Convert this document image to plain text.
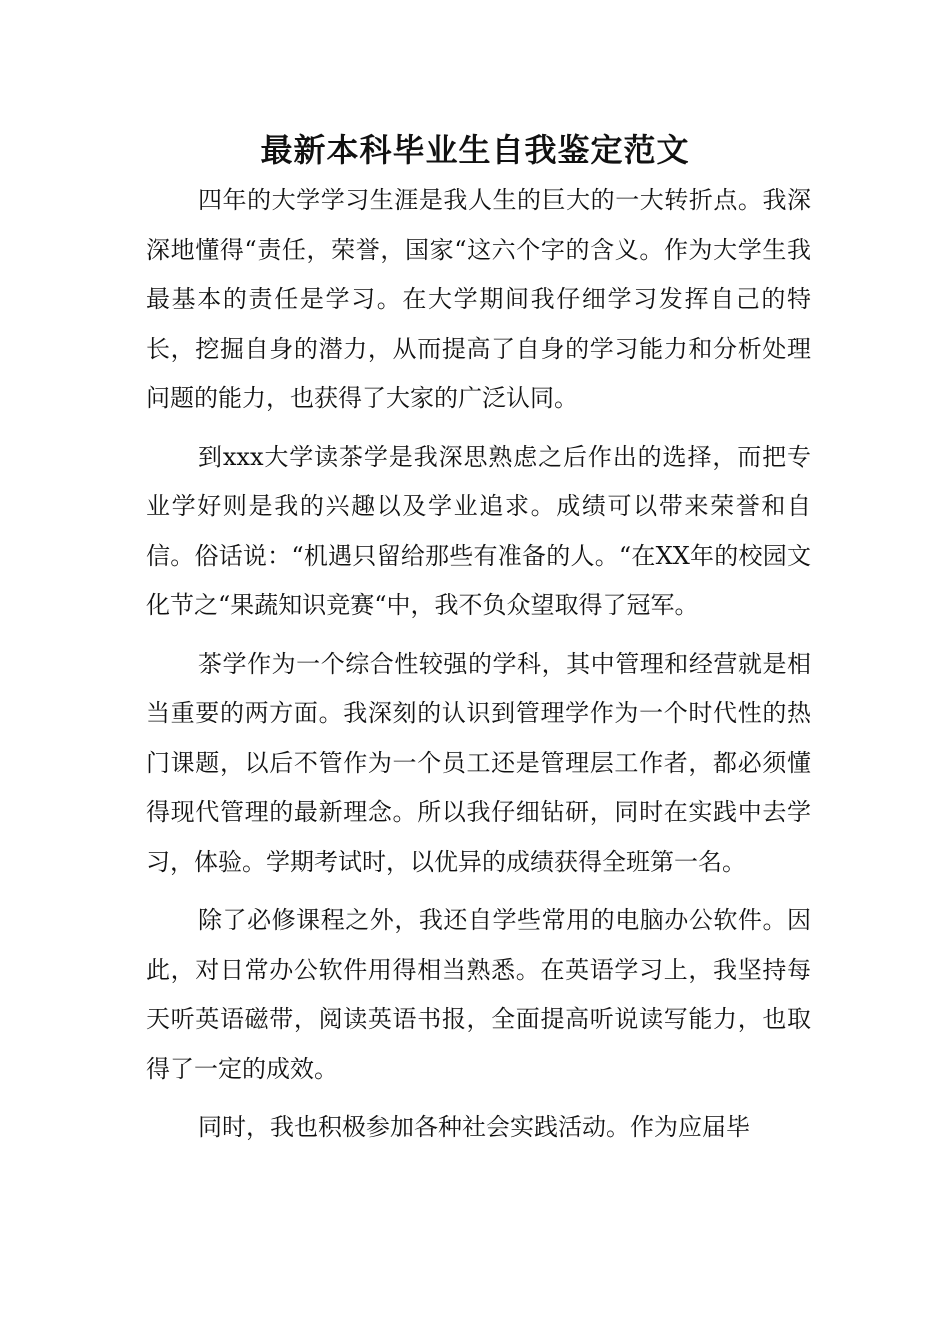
最新本科毕业生自我鉴定范文

四年的大学学习生涯是我人生的巨大的一大转折点。我深深地懂得“责任，荣誉，国家“这六个字的含义。作为大学生我最基本的责任是学习。在大学期间我仔细学习发挥自己的特长，挖掘自身的潜力，从而提高了自身的学习能力和分析处理问题的能力，也获得了大家的广泛认同。

到xxx大学读茶学是我深思熟虑之后作出的选择，而把专业学好则是我的兴趣以及学业追求。成绩可以带来荣誉和自信。俗话说：“机遇只留给那些有准备的人。“在XX年的校园文化节之“果蔬知识竞赛“中，我不负众望取得了冠军。

茶学作为一个综合性较强的学科，其中管理和经营就是相当重要的两方面。我深刻的认识到管理学作为一个时代性的热门课题，以后不管作为一个员工还是管理层工作者，都必须懂得现代管理的最新理念。所以我仔细钻研，同时在实践中去学习，体验。学期考试时，以优异的成绩获得全班第一名。

除了必修课程之外，我还自学些常用的电脑办公软件。因此，对日常办公软件用得相当熟悉。在英语学习上，我坚持每天听英语磁带，阅读英语书报，全面提高听说读写能力，也取得了一定的成效。

同时，我也积极参加各种社会实践活动。作为应届毕
